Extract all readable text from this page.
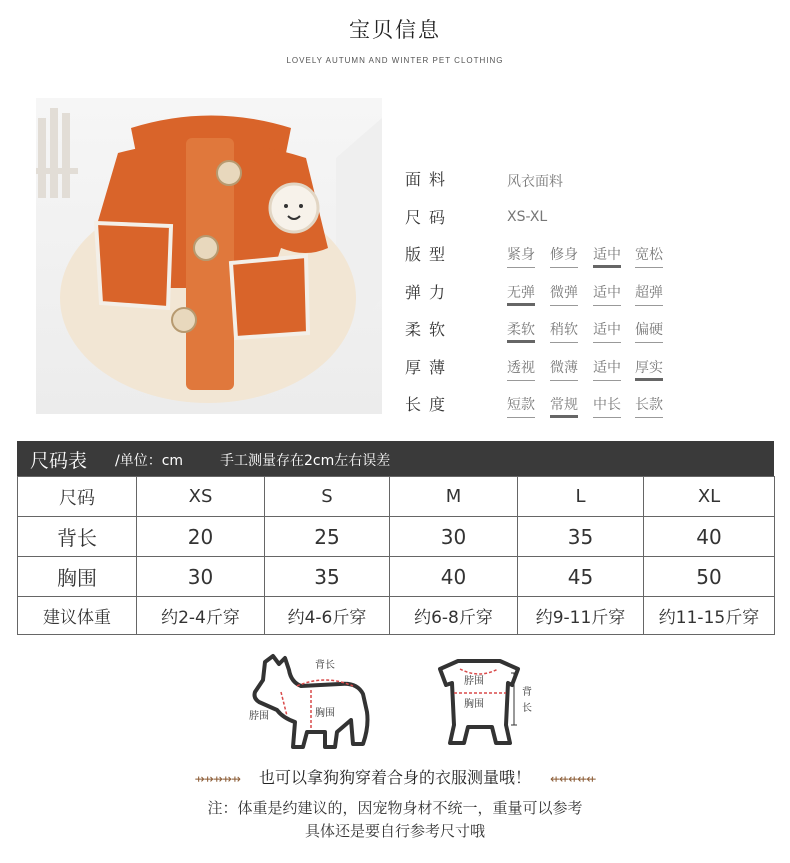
宝贝信息
LOVELY AUTUMN AND WINTER PET CLOTHING
面料	风衣面料
尺码	XS-XL
版型	紧身 修身 适中 宽松
弹力	无弹 微弹 适中 超弹
柔软	柔软 稍软 适中 偏硬
厚薄	透视 微薄 适中 厚实
长度	短款 常规 中长 长款
尺码表 /单位：cm	手工测量存在2cm左右误差
尺码	XS	S	M	L	XL
背长	20	25	30	35	40
胸围	30	35	40	45	50
建议体重	约2-4斤穿	约4-6斤穿	约6-8斤穿	约9-11斤穿	约11-15斤穿
背长
脖围	胸围
脖围
胸围
背长
⇸⇸⇸⇸⇸ 也可以拿狗狗穿着合身的衣服测量哦！ ⇷⇷⇷⇷⇷
注：体重是约建议的，因宠物身材不统一，重量可以参考
具体还是要自行参考尺寸哦
